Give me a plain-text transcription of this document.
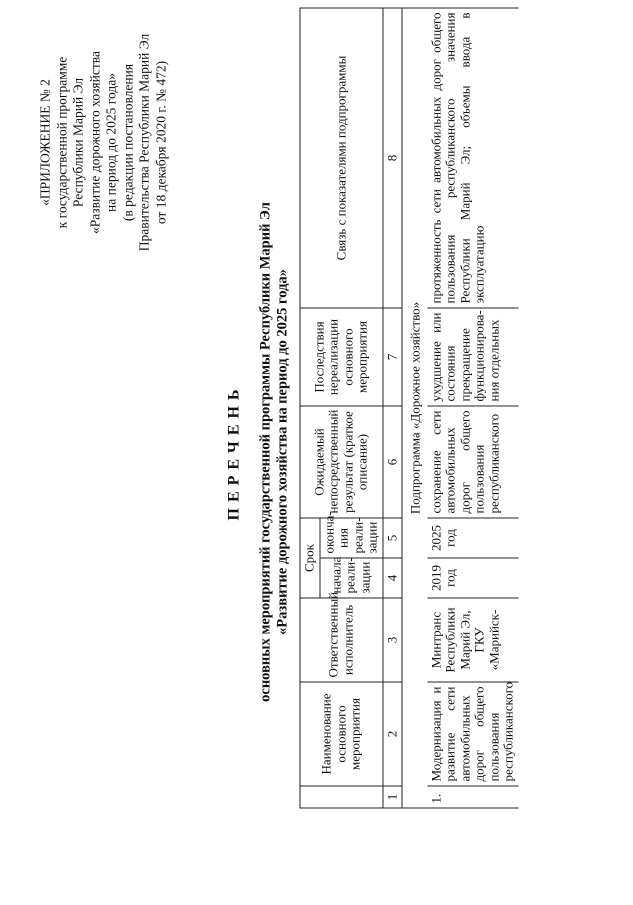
«ПРИЛОЖЕНИЕ № 2 к государственной программе Республики Марий Эл «Развитие дорожного хозяйства на период до 2025 года» (в редакции постановления Правительства Республики Марий Эл от 18 декабря 2020 г. № 472)
ПЕРЕЧЕНЬ основных мероприятий государственной программы Республики Марий Эл «Развитие дорожного хозяйства на период до 2025 года»
	Наименование основного мероприятия	Ответственный исполнитель	Срок		Ожидаемый непосредственный результат (краткое описание)	Последствия нереализации основного мероприятия	Связь с показателями подпрограммы
			начала реали-зации	оконча-ния реали-зации			
1	2	3	4	5	6	7	8
Подпрограмма «Дорожное хозяйство»							
1.	Модернизация и развитие сети автомобильных дорог общего пользования республиканского	Минтранс Республики Марий Эл, ГКУ «Марийск-	2019 год	2025 год	сохранение сети автомобильных дорог общего пользования республиканского	ухудшение или состояния прекращение функционирова-ния отдельных	протяженность сети автомобильных дорог общего пользования республиканского значения Республики Марий Эл; объемы ввода в эксплуатацию
